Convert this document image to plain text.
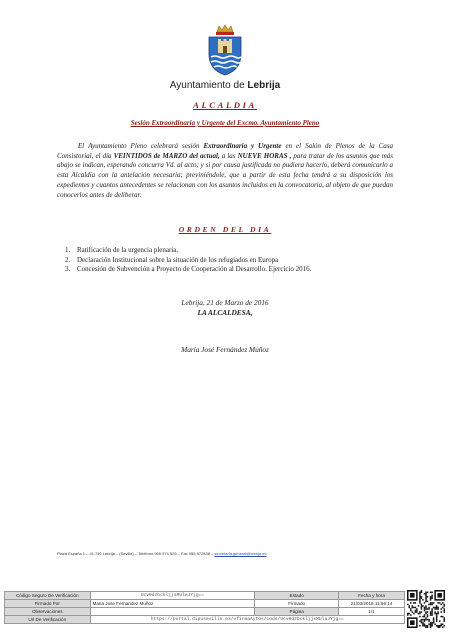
Ayuntamiento de Lebrija
ALCALDIA
Sesión Extraordinaria y Urgente del Excmo. Ayuntamiento Pleno
   El Ayuntamiento Pleno celebrará sesión Extraordinaria y Urgente en el Salón de Plenos de la Casa Consistorial, el día VEINTIDOS de MARZO del actual, a las NUEVE HORAS , para tratar de los asuntos que más abajo se indican, esperando concurra Vd. al acto; y si por causa justificada no pudiera hacerlo, deberá comunicarlo a esta Alcaldía con la antelación necesaria; previniéndole, que a partir de esta fecha tendrá a su disposición los expedientes y cuantos antecedentes se relacionan con los asuntos incluidos en la convocatoria, al objeto de que puedan conocerlos antes de deliberar.
ORDEN DEL DIA
1. Ratificación de la urgencia plenaria.
2. Declaración Institucional sobre la situación de los refugiados en Europa
3. Concesión de Subvención a Proyecto de Cooperación al Desarrollo. Ejercicio 2016.
Lebrija, 21 de Marzo de 2016
LA ALCALDESA,
María José Fernández Muñoz
Plaza España 1 – 41.740 Lebrija – (Sevilla) – Teléfono 955 974 525 – Fax 955 972838 – secretaria.general@lebrija.es
Código Seguro De Verificación	Ucv0dzbckljjsMUlaJYjg==	Estado	Fecha y hora
Firmado Por	Maria Jose Fernandez Muñoz	Firmado	21/03/2016 11:56:14
Observaciones		Página	1/1
Url De Verificación	https://portal.dipusevilla.es/vfirmaAytos/code/Ucv0dzbckljjsMUlaJYjg==		
